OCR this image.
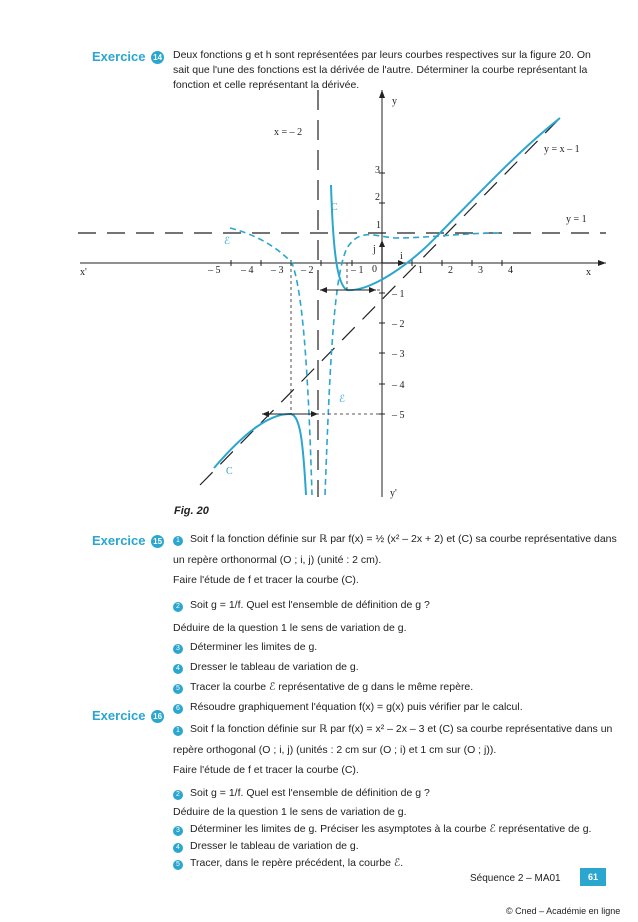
Exercice 14 Deux fonctions g et h sont représentées par leurs courbes respectives sur la figure 20. On sait que l'une des fonctions est la dérivée de l'autre. Déterminer la courbe représentant la fonction et celle représentant la dérivée.
y
y'
x
x'	0
i
j
– 5 – 4 – 3 – 2	– 1	1	2	3	4
1
2
3
– 1
– 2
– 3
– 4
– 5
x = – 2
y = x – 1
y = 1
C
C
ℰ
ℰ
Fig. 20
Exercice 15	1 Soit f la fonction définie sur ℝ par f(x) = ½ (x² – 2x + 2) et (C) sa courbe représentative dans
un repère orthonormal (O ; i, j) (unité : 2 cm).
Faire l'étude de f et tracer la courbe (C).
2 Soit g = 1/f. Quel est l'ensemble de définition de g ?
Déduire de la question 1 le sens de variation de g.
3 Déterminer les limites de g.
4 Dresser le tableau de variation de g.
5 Tracer la courbe ℰ représentative de g dans le même repère.
6 Résoudre graphiquement l'équation f(x) = g(x) puis vérifier par le calcul.
Exercice 16
1 Soit f la fonction définie sur ℝ par f(x) = x² – 2x – 3 et (C) sa courbe représentative dans un
repère orthogonal (O ; i, j) (unités : 2 cm sur (O ; i) et 1 cm sur (O ; j)).
Faire l'étude de f et tracer la courbe (C).
2 Soit g = 1/f. Quel est l'ensemble de définition de g ?
Déduire de la question 1 le sens de variation de g.
3 Déterminer les limites de g. Préciser les asymptotes à la courbe ℰ représentative de g.
4 Dresser le tableau de variation de g.
5 Tracer, dans le repère précédent, la courbe ℰ.
Séquence 2 – MA01	61
© Cned – Académie en ligne
